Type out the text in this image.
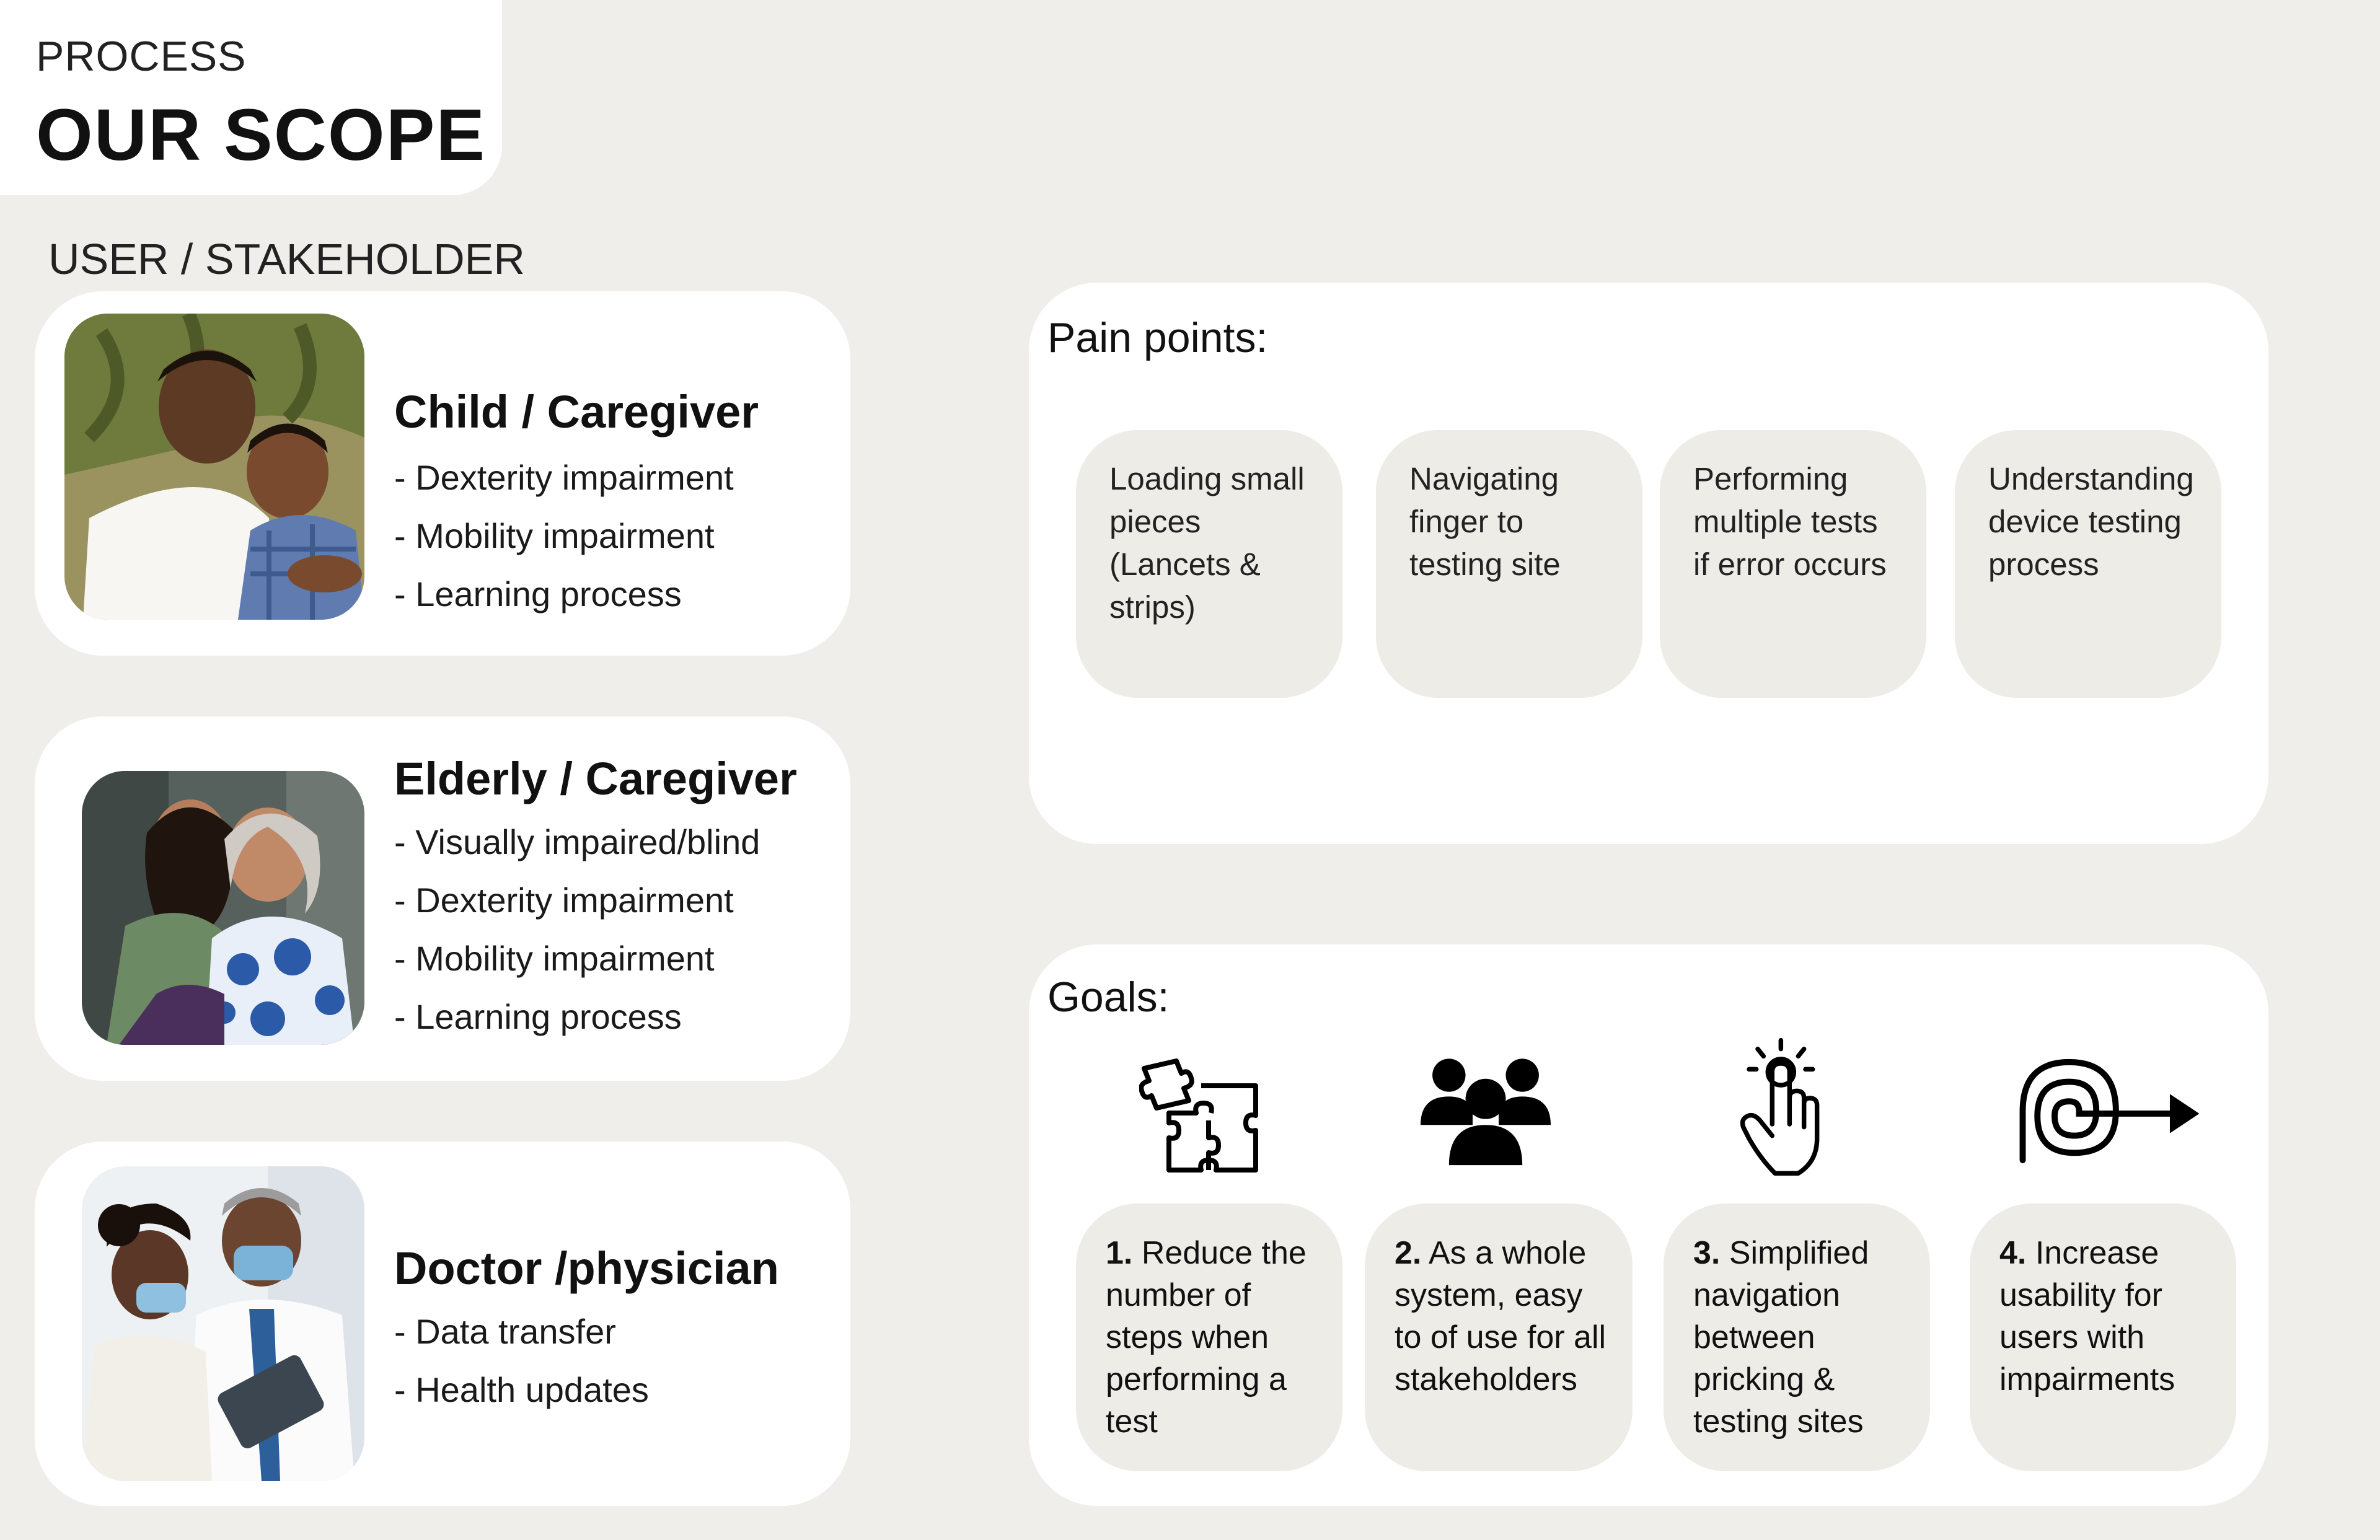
PROCESS
OUR SCOPE
USER / STAKEHOLDER
Child / Caregiver
- Dexterity impairment
- Mobility impairment
- Learning process
Elderly / Caregiver
- Visually impaired/blind
- Dexterity impairment
- Mobility impairment
- Learning process
Doctor /physician
- Data transfer
- Health updates
Pain points:
Loading small pieces (Lancets & strips)
Navigating finger to testing site
Performing multiple tests if error occurs
Understanding device testing process
Goals:
1. Reduce the number of steps when performing a test
2. As a whole system, easy to of use for all stakeholders
3. Simplified navigation between pricking & testing sites
4. Increase usability for users with impairments
